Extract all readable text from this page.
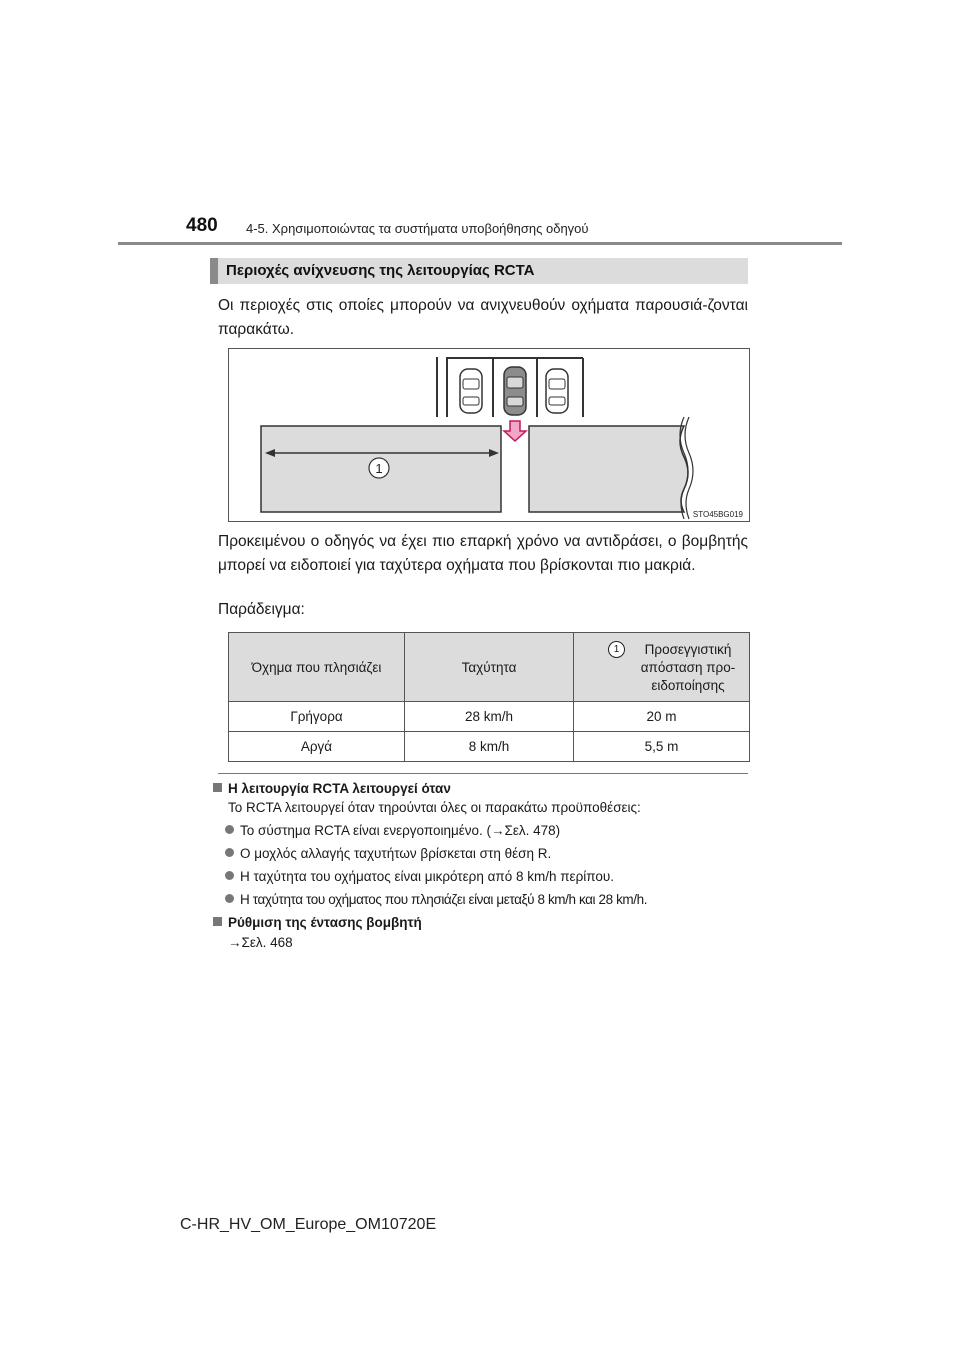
480 4-5. Χρησιμοποιώντας τα συστήματα υποβοήθησης οδηγού
Περιοχές ανίχνευσης της λειτουργίας RCTA
Οι περιοχές στις οποίες μπορούν να ανιχνευθούν οχήματα παρουσιά-ζονται παρακάτω.
1
STO45BG019
Προκειμένου ο οδηγός να έχει πιο επαρκή χρόνο να αντιδράσει, ο βομβητής μπορεί να ειδοποιεί για ταχύτερα οχήματα που βρίσκονται πιο μακριά.
Παράδειγμα:
Όχημα που πλησιάζει	Ταχύτητα	1 Προσεγγιστική απόσταση προ-ειδοποίησης

Γρήγορα	28 km/h	20 m
Αργά	8 km/h	5,5 m
Η λειτουργία RCTA λειτουργεί όταν
Το RCTA λειτουργεί όταν τηρούνται όλες οι παρακάτω προϋποθέσεις:
Το σύστημα RCTA είναι ενεργοποιημένο. (→Σελ. 478)
Ο μοχλός αλλαγής ταχυτήτων βρίσκεται στη θέση R.
Η ταχύτητα του οχήματος είναι μικρότερη από 8 km/h περίπου.
Η ταχύτητα του οχήματος που πλησιάζει είναι μεταξύ 8 km/h και 28 km/h.
Ρύθμιση της έντασης βομβητή
→Σελ. 468
C-HR_HV_OM_Europe_OM10720E
